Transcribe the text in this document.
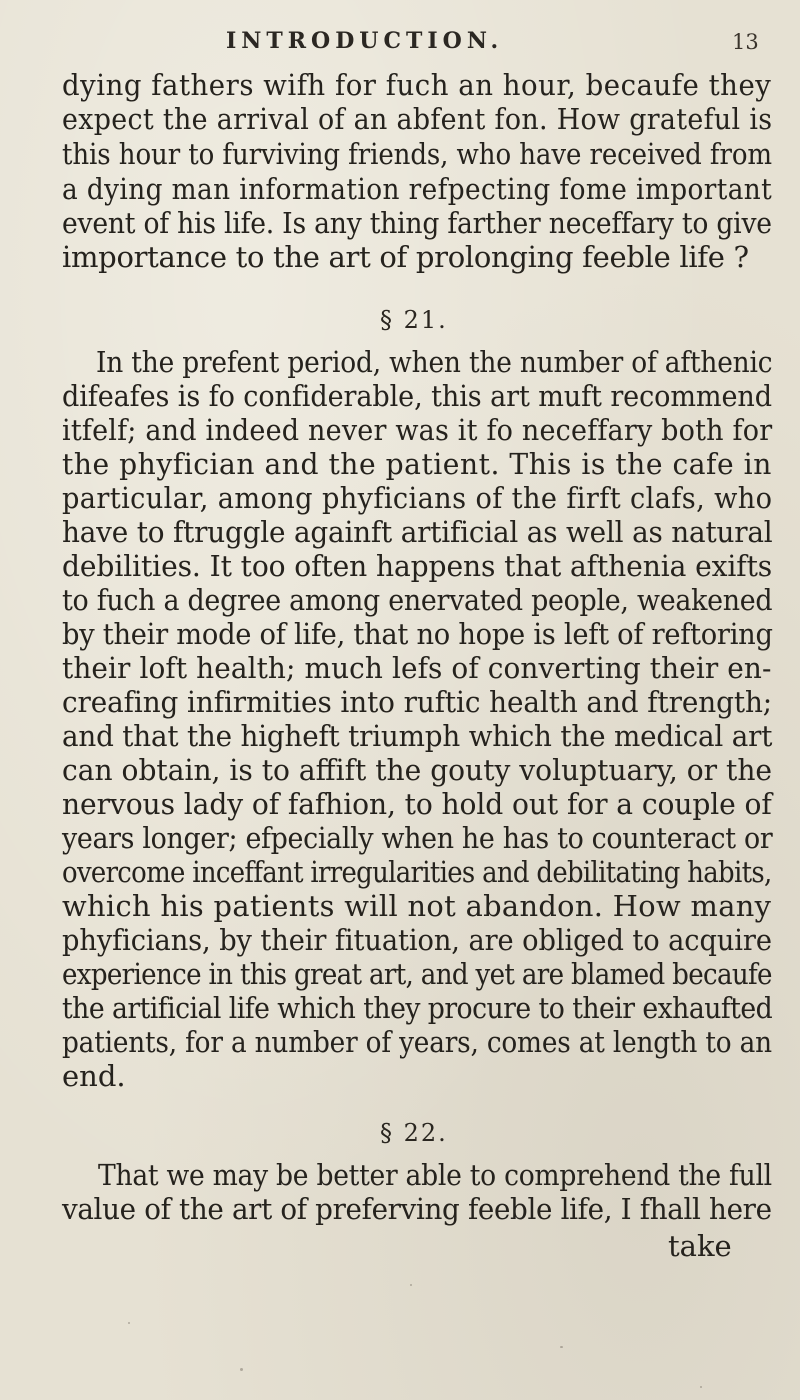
INTRODUCTION.	13
dying fathers wifh for fuch an hour, becaufe they
expect the arrival of an abfent fon. How grateful is
this hour to furviving friends, who have received from
a dying man information refpecting fome important
event of his life. Is any thing farther neceffary to give
importance to the art of prolonging feeble life ?
§ 21.
In the prefent period, when the number of afthenic
difeafes is fo confiderable, this art muft recommend
itfelf; and indeed never was it fo neceffary both for
the phyfician and the patient. This is the cafe in
particular, among phyficians of the firft clafs, who
have to ftruggle againft artificial as well as natural
debilities. It too often happens that afthenia exifts
to fuch a degree among enervated people, weakened
by their mode of life, that no hope is left of reftoring
their loft health; much lefs of converting their en-
creafing infirmities into ruftic health and ftrength;
and that the higheft triumph which the medical art
can obtain, is to affift the gouty voluptuary, or the
nervous lady of fafhion, to hold out for a couple of
years longer; efpecially when he has to counteract or
overcome inceffant irregularities and debilitating habits,
which his patients will not abandon. How many
phyficians, by their fituation, are obliged to acquire
experience in this great art, and yet are blamed becaufe
the artificial life which they procure to their exhaufted
patients, for a number of years, comes at length to an
end.
§ 22.
That we may be better able to comprehend the full
value of the art of preferving feeble life, I fhall here
take
